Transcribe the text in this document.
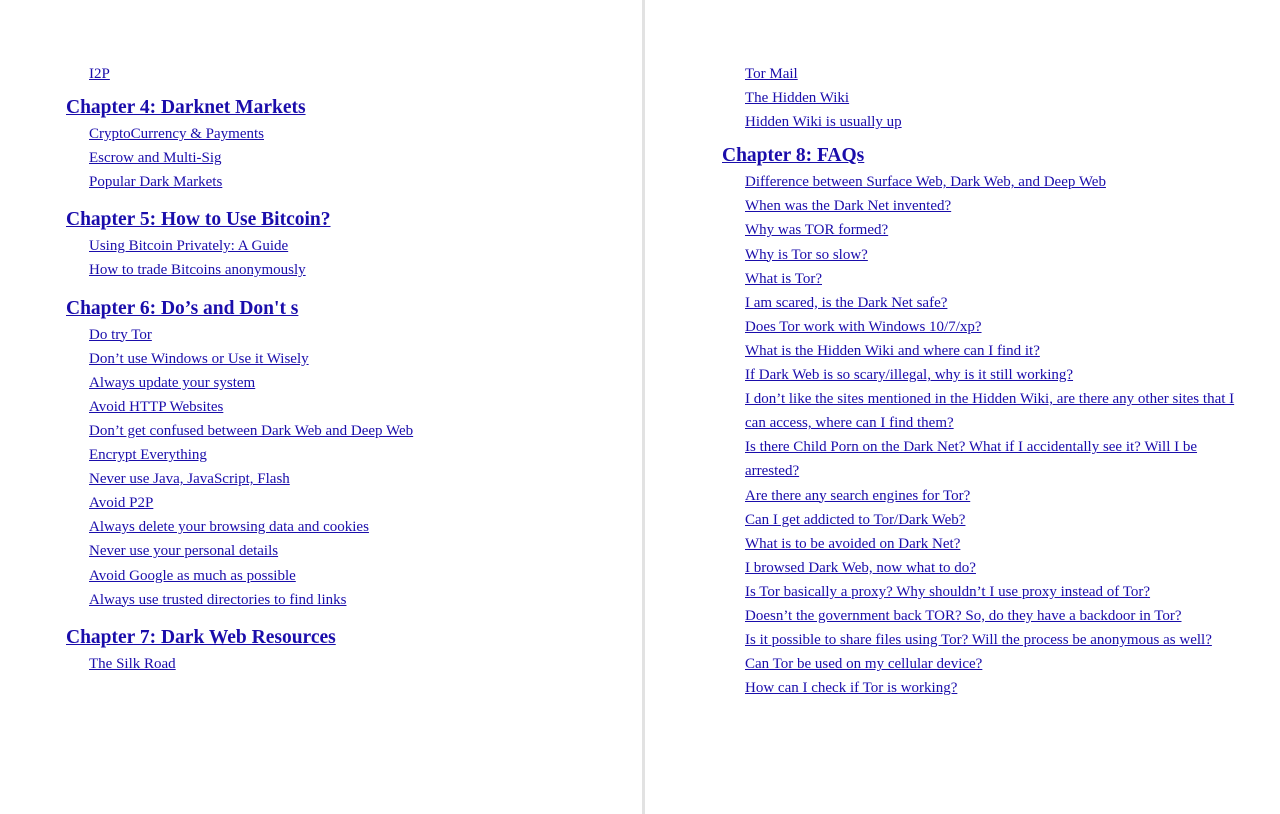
I2P
Chapter 4: Darknet Markets
CryptoCurrency & Payments
Escrow and Multi-Sig
Popular Dark Markets
Chapter 5: How to Use Bitcoin?
Using Bitcoin Privately: A Guide
How to trade Bitcoins anonymously
Chapter 6: Do’s and Don't s
Do try Tor
Don’t use Windows or Use it Wisely
Always update your system
Avoid HTTP Websites
Don’t get confused between Dark Web and Deep Web
Encrypt Everything
Never use Java, JavaScript, Flash
Avoid P2P
Always delete your browsing data and cookies
Never use your personal details
Avoid Google as much as possible
Always use trusted directories to find links
Chapter 7: Dark Web Resources
The Silk Road
Tor Mail
The Hidden Wiki
Hidden Wiki is usually up
Chapter 8: FAQs
Difference between Surface Web, Dark Web, and Deep Web
When was the Dark Net invented?
Why was TOR formed?
Why is Tor so slow?
What is Tor?
I am scared, is the Dark Net safe?
Does Tor work with Windows 10/7/xp?
What is the Hidden Wiki and where can I find it?
If Dark Web is so scary/illegal, why is it still working?
I don’t like the sites mentioned in the Hidden Wiki, are there any other sites that I can access, where can I find them?
Is there Child Porn on the Dark Net? What if I accidentally see it? Will I be arrested?
Are there any search engines for Tor?
Can I get addicted to Tor/Dark Web?
What is to be avoided on Dark Net?
I browsed Dark Web, now what to do?
Is Tor basically a proxy? Why shouldn’t I use proxy instead of Tor?
Doesn’t the government back TOR? So, do they have a backdoor in Tor?
Is it possible to share files using Tor? Will the process be anonymous as well?
Can Tor be used on my cellular device?
How can I check if Tor is working?
